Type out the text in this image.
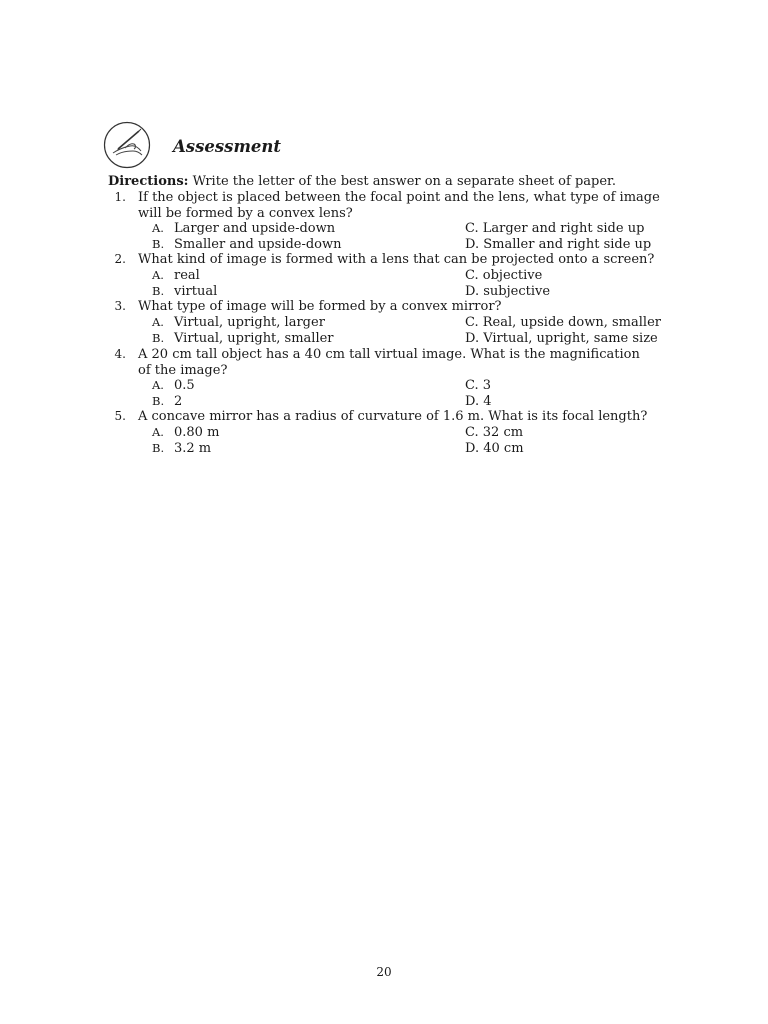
Assessment
Directions: Write the letter of the best answer on a separate sheet of paper.
1. If the object is placed between the focal point and the lens, what type of image
will be formed by a convex lens?
A. Larger and upside-down
B. Smaller and upside-down
C. Larger and right side up
D. Smaller and right side up
2. What kind of image is formed with a lens that can be projected onto a screen?
A. real
B. virtual
C. objective
D. subjective
3. What type of image will be formed by a convex mirror?
A. Virtual, upright, larger
B. Virtual, upright, smaller
C. Real, upside down, smaller
D. Virtual, upright, same size
4. A 20 cm tall object has a 40 cm tall virtual image. What is the magnification
of the image?
A. 0.5
B. 2
C. 3
D. 4
5. A concave mirror has a radius of curvature of 1.6 m. What is its focal length?
A. 0.80 m
B. 3.2 m
C. 32 cm
D. 40 cm
20
